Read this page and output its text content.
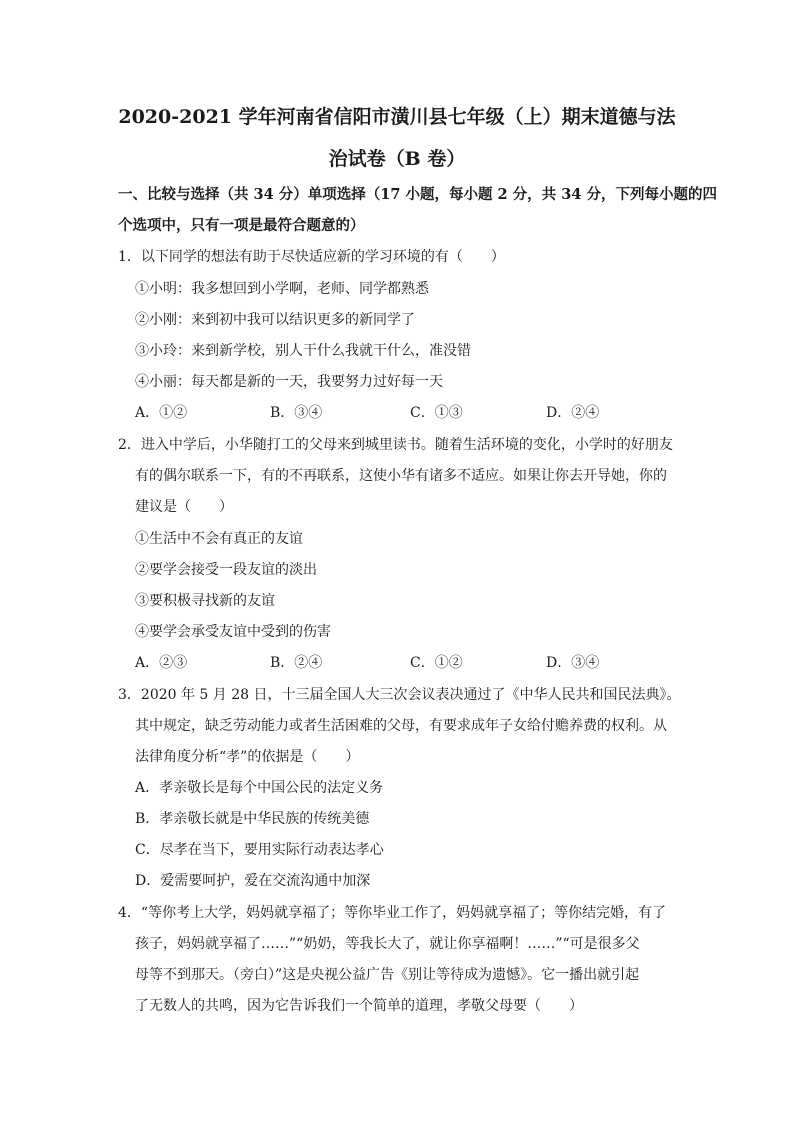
2020-2021 学年河南省信阳市潢川县七年级（上）期末道德与法
治试卷（B 卷）
一、比较与选择（共 34 分）单项选择（17 小题，每小题 2 分，共 34 分，下列每小题的四
个选项中，只有一项是最符合题意的）
1．以下同学的想法有助于尽快适应新的学习环境的有（　　）
①小明：我多想回到小学啊，老师、同学都熟悉
②小刚：来到初中我可以结识更多的新同学了
③小玲：来到新学校，别人干什么我就干什么，准没错
④小丽：每天都是新的一天，我要努力过好每一天
A．①②	B．③④	C．①③	D．②④
2．进入中学后，小华随打工的父母来到城里读书。随着生活环境的变化，小学时的好朋友
有的偶尔联系一下，有的不再联系，这使小华有诸多不适应。如果让你去开导她，你的
建议是（　　）
①生活中不会有真正的友谊
②要学会接受一段友谊的淡出
③要积极寻找新的友谊
④要学会承受友谊中受到的伤害
A．②③	B．②④	C．①②	D．③④
3．2020 年 5 月 28 日，十三届全国人大三次会议表决通过了《中华人民共和国民法典》。
其中规定，缺乏劳动能力或者生活困难的父母，有要求成年子女给付赡养费的权利。从
法律角度分析“孝”的依据是（　　）
A．孝亲敬长是每个中国公民的法定义务
B．孝亲敬长就是中华民族的传统美德
C．尽孝在当下，要用实际行动表达孝心
D．爱需要呵护，爱在交流沟通中加深
4．“等你考上大学，妈妈就享福了；等你毕业工作了，妈妈就享福了；等你结完婚，有了
孩子，妈妈就享福了……”“奶奶，等我长大了，就让你享福啊！……”“可是很多父
母等不到那天。（旁白）”这是央视公益广告《别让等待成为遗憾》。它一播出就引起
了无数人的共鸣，因为它告诉我们一个简单的道理，孝敬父母要（　　）
